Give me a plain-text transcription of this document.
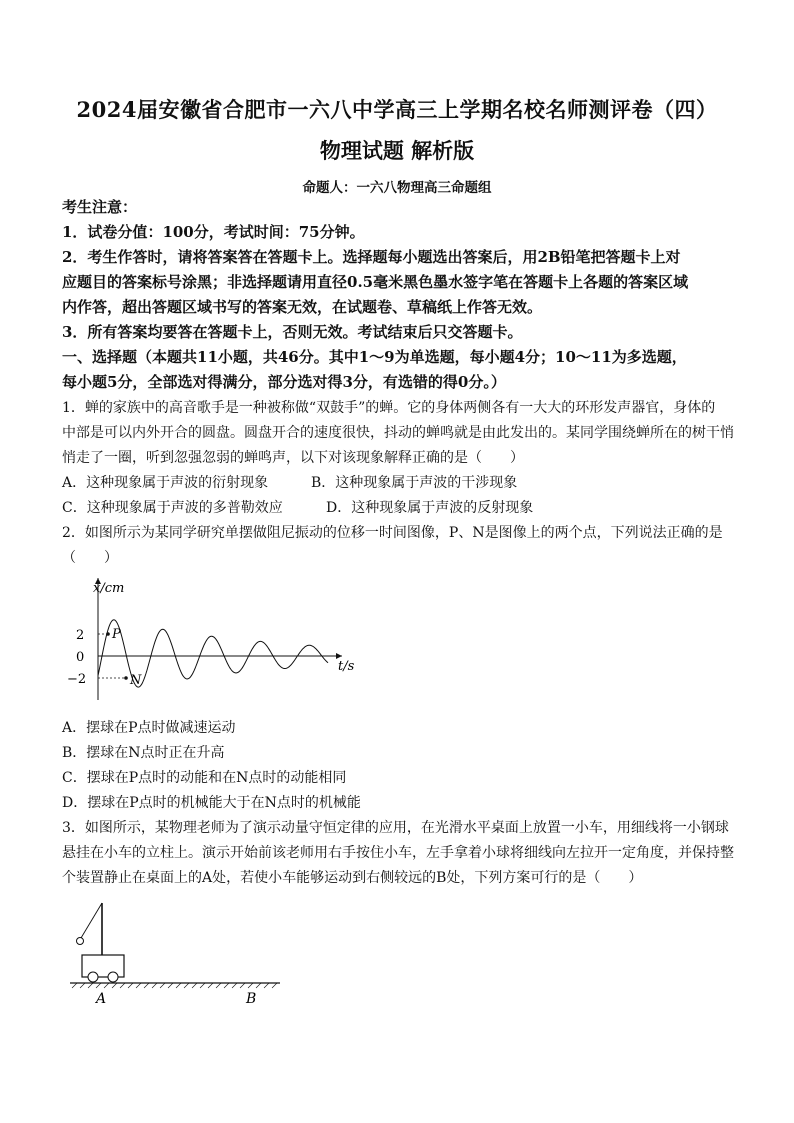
2024届安徽省合肥市一六八中学高三上学期名校名师测评卷（四）
物理试题 解析版
命题人：一六八物理高三命题组
考生注意：
1．试卷分值：100分，考试时间：75分钟。
2．考生作答时，请将答案答在答题卡上。选择题每小题选出答案后，用2B铅笔把答题卡上对
应题目的答案标号涂黑；非选择题请用直径0.5毫米黑色墨水签字笔在答题卡上各题的答案区域
内作答，超出答题区域书写的答案无效，在试题卷、草稿纸上作答无效。
3．所有答案均要答在答题卡上，否则无效。考试结束后只交答题卡。
一、选择题（本题共11小题，共46分。其中1～9为单选题，每小题4分；10～11为多选题，
每小题5分，全部选对得满分，部分选对得3分，有选错的得0分。）
1．蝉的家族中的高音歌手是一种被称做“双鼓手”的蝉。它的身体两侧各有一大大的环形发声器官，身体的
中部是可以内外开合的圆盘。圆盘开合的速度很快，抖动的蝉鸣就是由此发出的。某同学围绕蝉所在的树干悄
悄走了一圈，听到忽强忽弱的蝉鸣声，以下对该现象解释正确的是（　　）
A．这种现象属于声波的衍射现象	B．这种现象属于声波的干涉现象
C．这种现象属于声波的多普勒效应	D．这种现象属于声波的反射现象
2．如图所示为某同学研究单摆做阻尼振动的位移一时间图像，P、N是图像上的两个点，下列说法正确的是
（　　）
x/cm
t/s
2
0
−2
P
N
A．摆球在P点时做减速运动
B．摆球在N点时正在升高
C．摆球在P点时的动能和在N点时的动能相同
D．摆球在P点时的机械能大于在N点时的机械能
3．如图所示，某物理老师为了演示动量守恒定律的应用，在光滑水平桌面上放置一小车，用细线将一小钢球
悬挂在小车的立柱上。演示开始前该老师用右手按住小车，左手拿着小球将细线向左拉开一定角度，并保持整
个装置静止在桌面上的A处，若使小车能够运动到右侧较远的B处，下列方案可行的是（　　）
A	B
